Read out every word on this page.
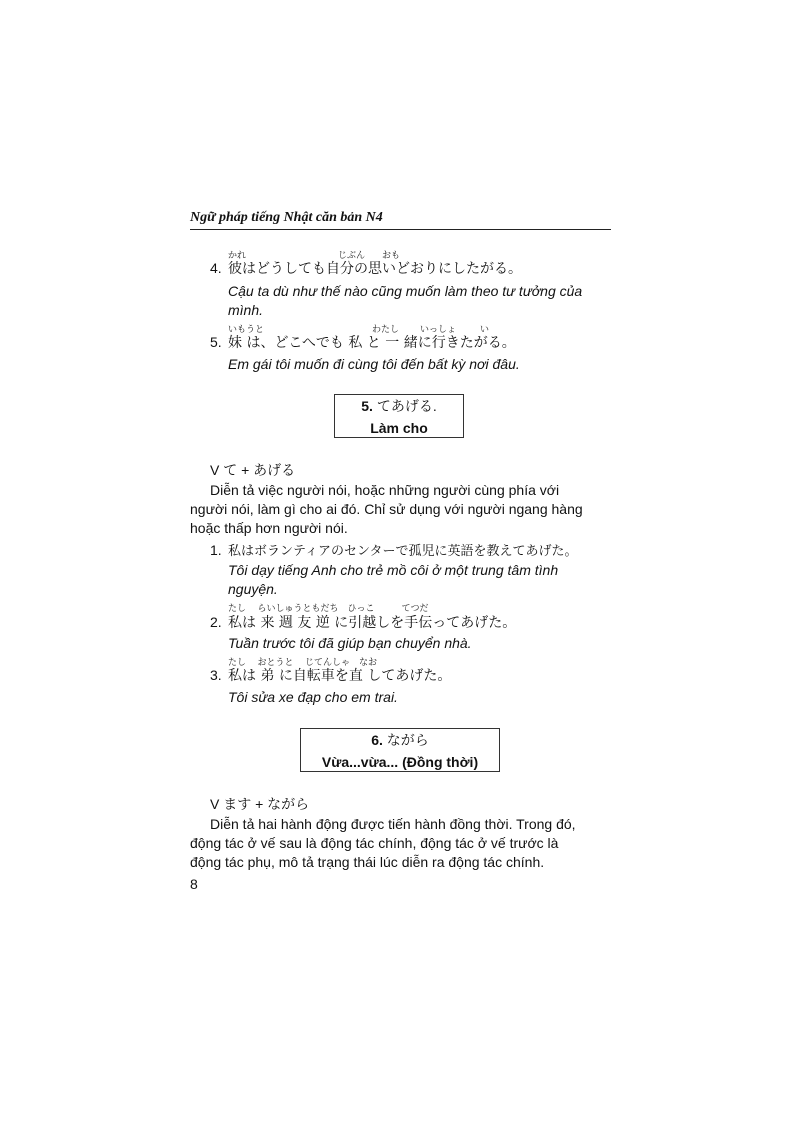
Ngữ pháp tiếng Nhật căn bản N4
かれ	じぶん おも
4. 彼はどうしても自分の思いどおりにしたがる。
Cậu ta dù như thế nào cũng muốn làm theo tư tưởng của
mình.
いもうと	わたし いっしょ	い
5. 妹 は、どこへでも 私 と 一 緒に行きたがる。
Em gái tôi muốn đi cùng tôi đến bất kỳ nơi đâu.
5. てあげる.
Làm cho
V て + あげる
Diễn tả việc người nói, hoặc những người cùng phía với
người nói, làm gì cho ai đó. Chỉ sử dụng với người ngang hàng
hoặc thấp hơn người nói.
1. 私はボランティアのセンターで孤児に英語を教えてあげた。
Tôi dạy tiếng Anh cho trẻ mồ côi ở một trung tâm tình
nguyện.
たし　 らいしゅうともだち　ひっこ　　　てつだ
2. 私は 来 週 友 逆 に引越しを手伝ってあげた。
Tuần trước tôi đã giúp bạn chuyển nhà.
たし　 おとうと　 じてんしゃ　なお
3. 私は 弟 に自転車を直 してあげた。
Tôi sửa xe đạp cho em trai.
6. ながら
Vừa...vừa... (Đồng thời)
V ます + ながら
Diễn tả hai hành động được tiến hành đồng thời. Trong đó,
động tác ở vế sau là động tác chính, động tác ở vế trước là
động tác phụ, mô tả trạng thái lúc diễn ra động tác chính.
8
